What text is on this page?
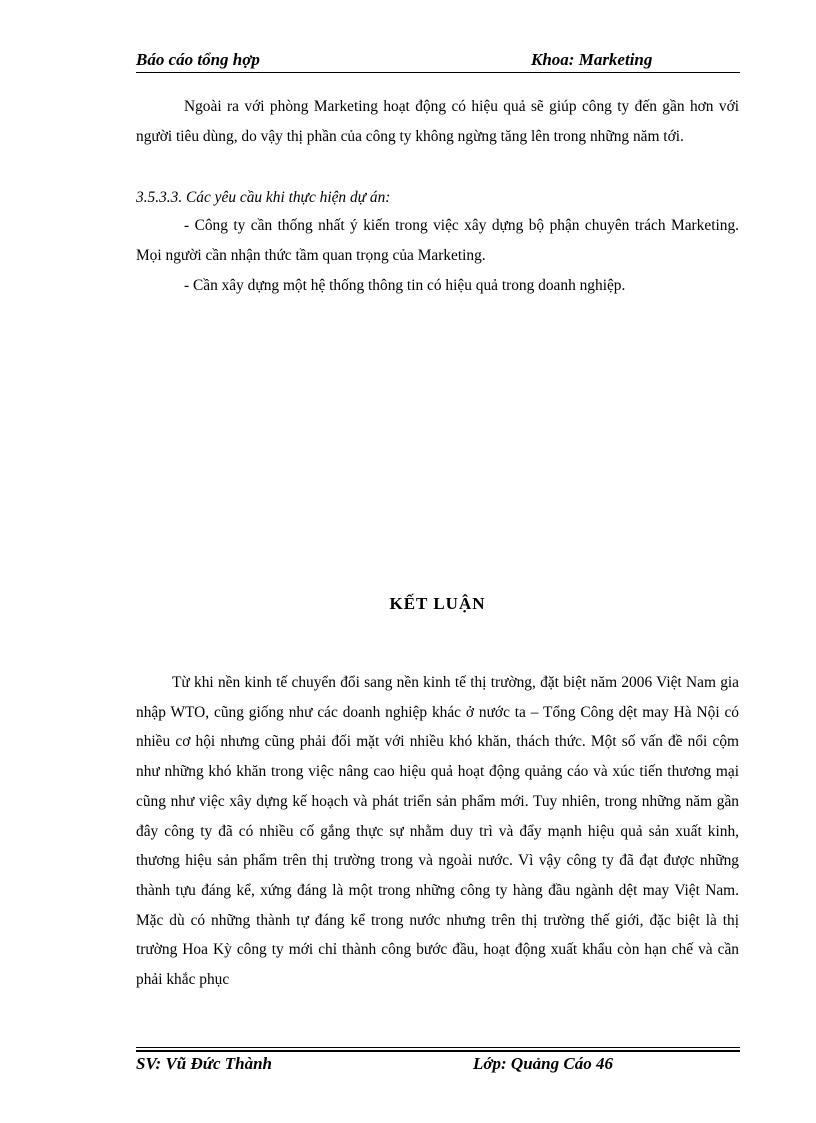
Báo cáo tổng hợp	Khoa: Marketing

Ngoài ra với phòng Marketing hoạt động có hiệu quả sẽ giúp công ty đến gần hơn với người tiêu dùng, do vậy thị phần của công ty không ngừng tăng lên trong những năm tới.

3.5.3.3. Các yêu cầu khi thực hiện dự án:

- Công ty cần thống nhất ý kiến trong việc xây dựng bộ phận chuyên trách Marketing. Mọi người cần nhận thức tầm quan trọng của Marketing.

- Cần xây dựng một hệ thống thông tin có hiệu quả trong doanh nghiệp.

KẾT LUẬN

Từ khi nền kinh tế chuyển đổi sang nền kinh tế thị trường, đặt biệt năm 2006 Việt Nam gia nhập WTO, cũng giống như các doanh nghiệp khác ở nước ta – Tổng Công dệt may Hà Nội có nhiều cơ hội nhưng cũng phải đối mặt với nhiều khó khăn, thách thức. Một số vấn đề nổi cộm như những khó khăn trong việc nâng cao hiệu quả hoạt động quảng cáo và xúc tiến thương mại cũng như việc xây dựng kế hoạch và phát triển sản phẩm mới. Tuy nhiên, trong những năm gần đây công ty đã có nhiều cố gắng thực sự nhằm duy trì và đẩy mạnh hiệu quả sản xuất kinh, thương hiệu sản phẩm trên thị trường trong và ngoài nước. Vì vậy công ty đã đạt được những thành tựu đáng kể, xứng đáng là một trong những công ty hàng đầu ngành dệt may Việt Nam. Mặc dù có những thành tự đáng kể trong nước nhưng trên thị trường thế giới, đặc biệt là thị trường Hoa Kỳ công ty mới chỉ thành công bước đầu, hoạt động xuất khẩu còn hạn chế và cần phải khắc phục

SV: Vũ Đức Thành	Lớp: Quảng Cáo 46
